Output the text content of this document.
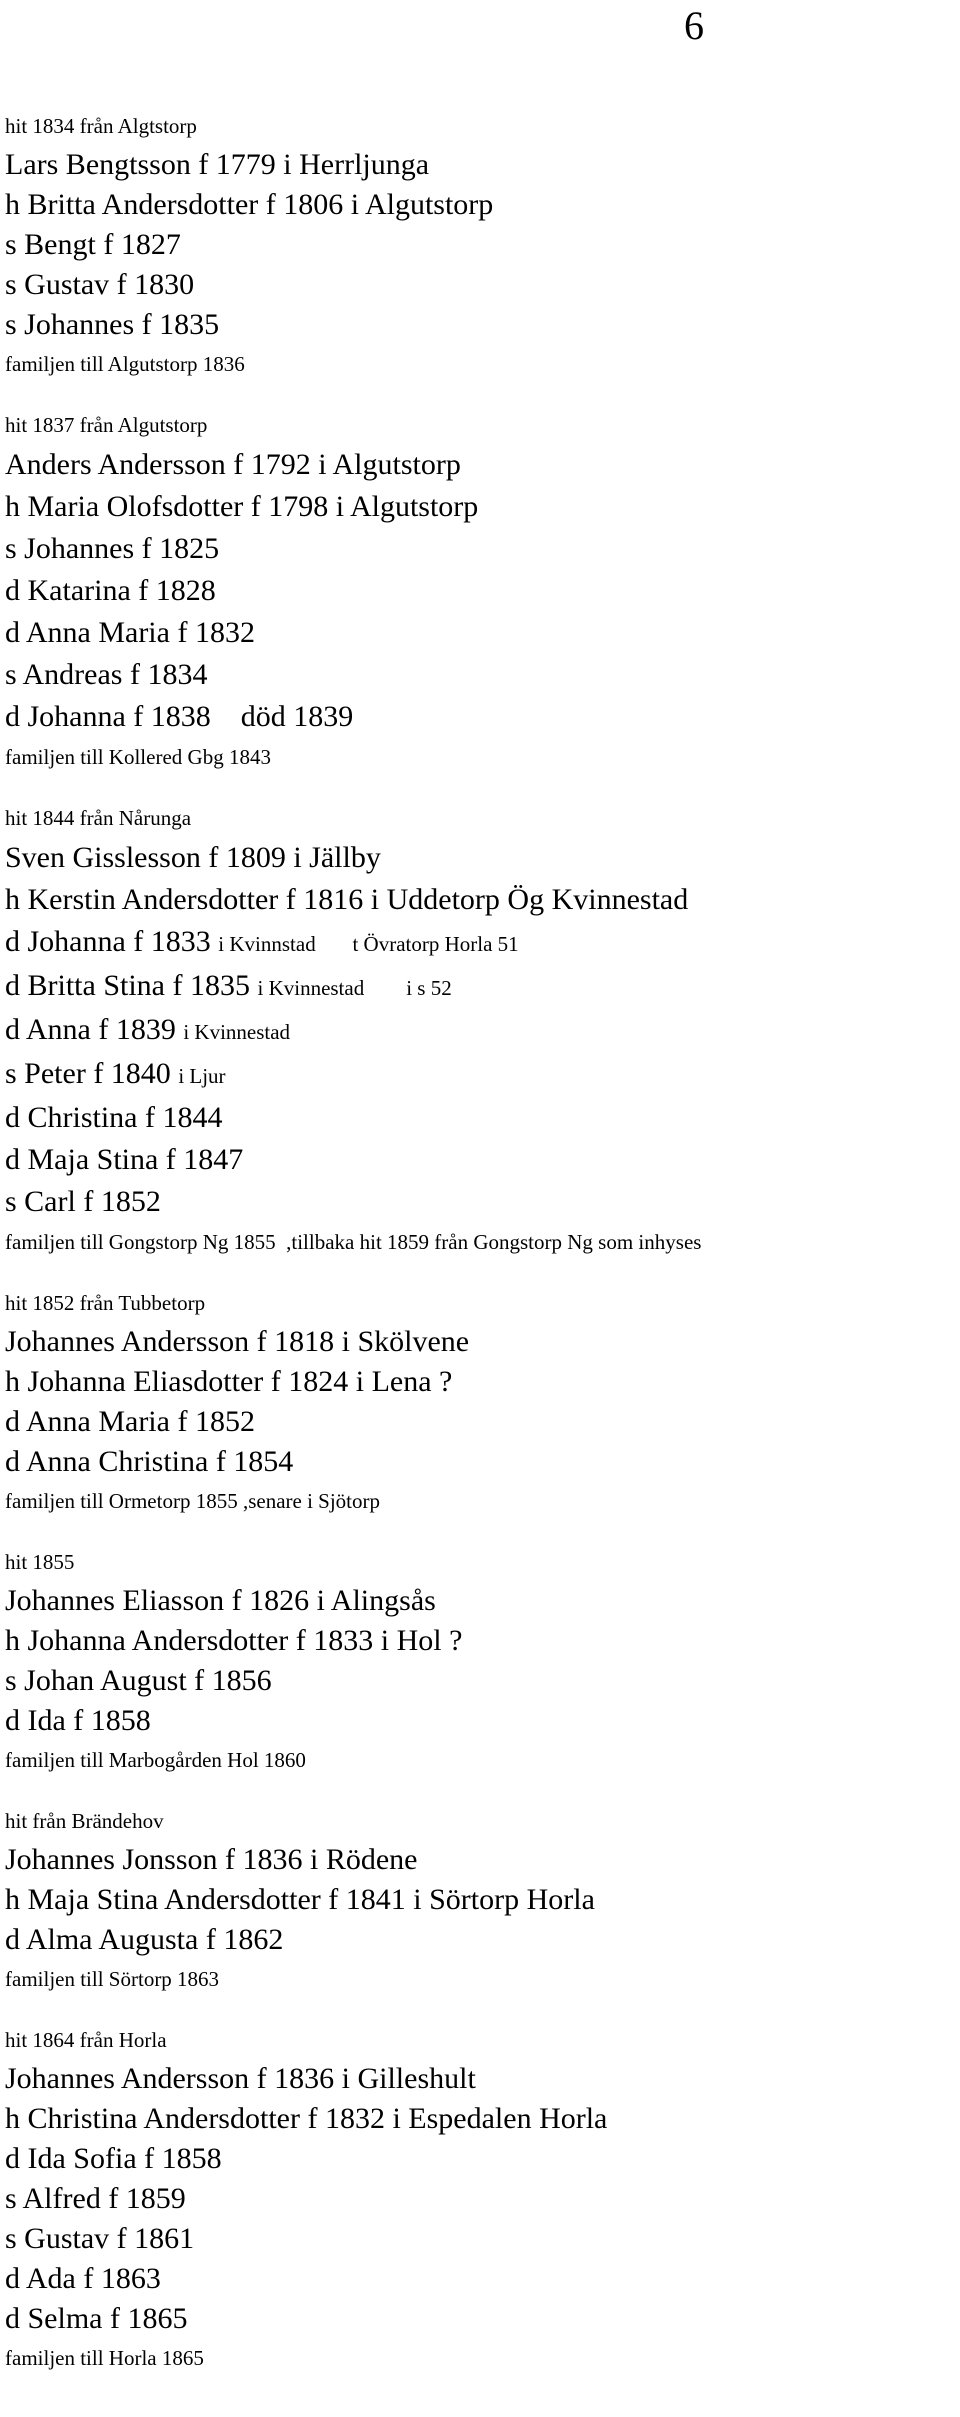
6
hit 1834 från Algtstorp
Lars Bengtsson f 1779 i Herrljunga
h Britta Andersdotter f 1806 i Algutstorp
s Bengt f 1827
s Gustav f 1830
s Johannes f 1835
familjen till Algutstorp 1836
hit 1837 från Algutstorp
Anders Andersson f 1792 i Algutstorp
h Maria Olofsdotter f 1798 i Algutstorp
s Johannes f 1825
d Katarina f 1828
d Anna Maria f 1832
s Andreas f 1834
d Johanna f 1838    död 1839
familjen till Kollered Gbg 1843
hit 1844 från Nårunga
Sven Gisslesson f 1809 i Jällby
h Kerstin Andersdotter f 1816 i Uddetorp Ög Kvinnestad
d Johanna f 1833 i Kvinnstad       t Övratorp Horla 51
d Britta Stina f 1835 i Kvinnestad        i s 52
d Anna f 1839 i Kvinnestad
s Peter f 1840 i Ljur
d Christina f 1844
d Maja Stina f 1847
s Carl f 1852
familjen till Gongstorp Ng 1855  ,tillbaka hit 1859 från Gongstorp Ng som inhyses
hit 1852 från Tubbetorp
Johannes Andersson f 1818 i Skölvene
h Johanna Eliasdotter f 1824 i Lena ?
d Anna Maria f 1852
d Anna Christina f 1854
familjen till Ormetorp 1855 ,senare i Sjötorp
hit 1855
Johannes Eliasson f 1826 i Alingsås
h Johanna Andersdotter f 1833 i Hol ?
s Johan August f 1856
d Ida f 1858
familjen till Marbogården Hol 1860
hit från Brändehov
Johannes Jonsson f 1836 i Rödene
h Maja Stina Andersdotter f 1841 i Sörtorp Horla
d Alma Augusta f 1862
familjen till Sörtorp 1863
hit 1864 från Horla
Johannes Andersson f 1836 i Gilleshult
h Christina Andersdotter f 1832 i Espedalen Horla
d Ida Sofia f 1858
s Alfred f 1859
s Gustav f 1861
d Ada f 1863
d Selma f 1865
familjen till Horla 1865
